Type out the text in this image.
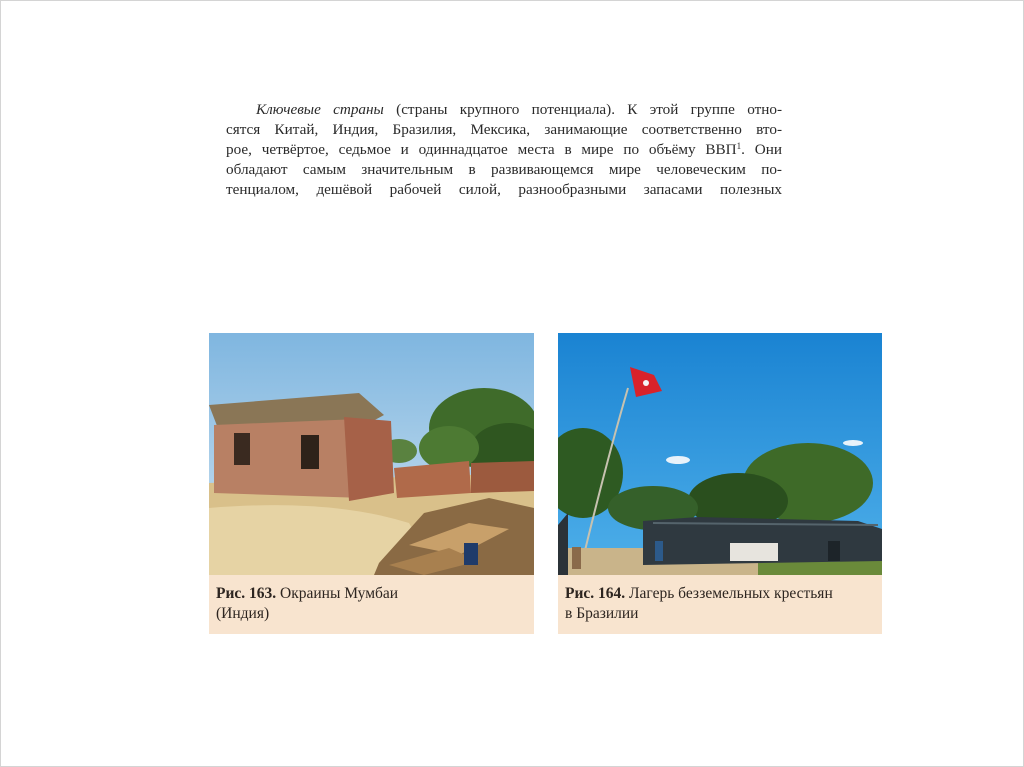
Ключевые страны (страны крупного потенциала). К этой группе отно-
сятся Китай, Индия, Бразилия, Мексика, занимающие соответственно вто-
рое, четвёртое, седьмое и одиннадцатое места в мире по объёму ВВП$^1$. Они
обладают самым значительным в развивающемся мире человеческим по-
тенциалом, дешёвой рабочей силой, разнообразными запасами полезных
Рис. 163. Окраины Мумбаи
(Индия)
Рис. 164. Лагерь безземельных крестьян
в Бразилии
